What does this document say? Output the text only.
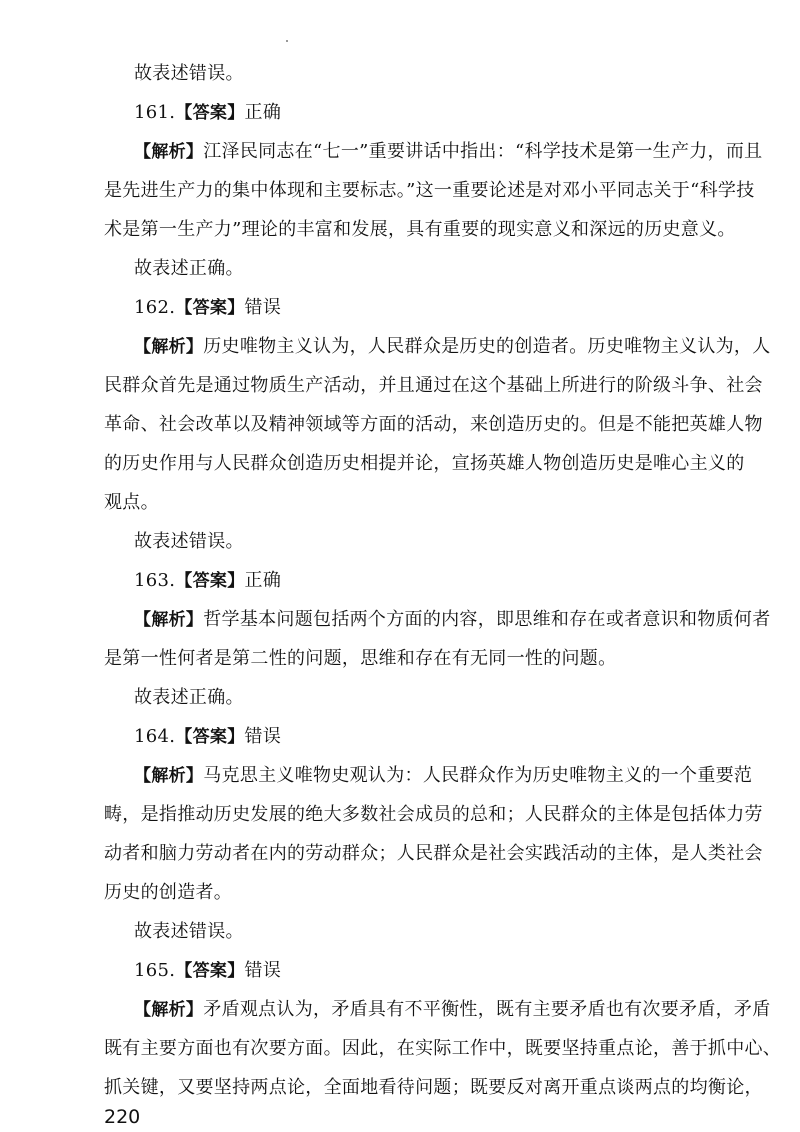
故表述错误。
161.【答案】正确
【解析】江泽民同志在“七一”重要讲话中指出：“科学技术是第一生产力，而且
是先进生产力的集中体现和主要标志。”这一重要论述是对邓小平同志关于“科学技
术是第一生产力”理论的丰富和发展，具有重要的现实意义和深远的历史意义。
故表述正确。
162.【答案】错误
【解析】历史唯物主义认为，人民群众是历史的创造者。历史唯物主义认为，人
民群众首先是通过物质生产活动，并且通过在这个基础上所进行的阶级斗争、社会
革命、社会改革以及精神领域等方面的活动，来创造历史的。但是不能把英雄人物
的历史作用与人民群众创造历史相提并论，宣扬英雄人物创造历史是唯心主义的
观点。
故表述错误。
163.【答案】正确
【解析】哲学基本问题包括两个方面的内容，即思维和存在或者意识和物质何者
是第一性何者是第二性的问题，思维和存在有无同一性的问题。
故表述正确。
164.【答案】错误
【解析】马克思主义唯物史观认为：人民群众作为历史唯物主义的一个重要范
畴，是指推动历史发展的绝大多数社会成员的总和；人民群众的主体是包括体力劳
动者和脑力劳动者在内的劳动群众；人民群众是社会实践活动的主体，是人类社会
历史的创造者。
故表述错误。
165.【答案】错误
【解析】矛盾观点认为，矛盾具有不平衡性，既有主要矛盾也有次要矛盾，矛盾
既有主要方面也有次要方面。因此，在实际工作中，既要坚持重点论，善于抓中心、
抓关键，又要坚持两点论，全面地看待问题；既要反对离开重点谈两点的均衡论，
220
